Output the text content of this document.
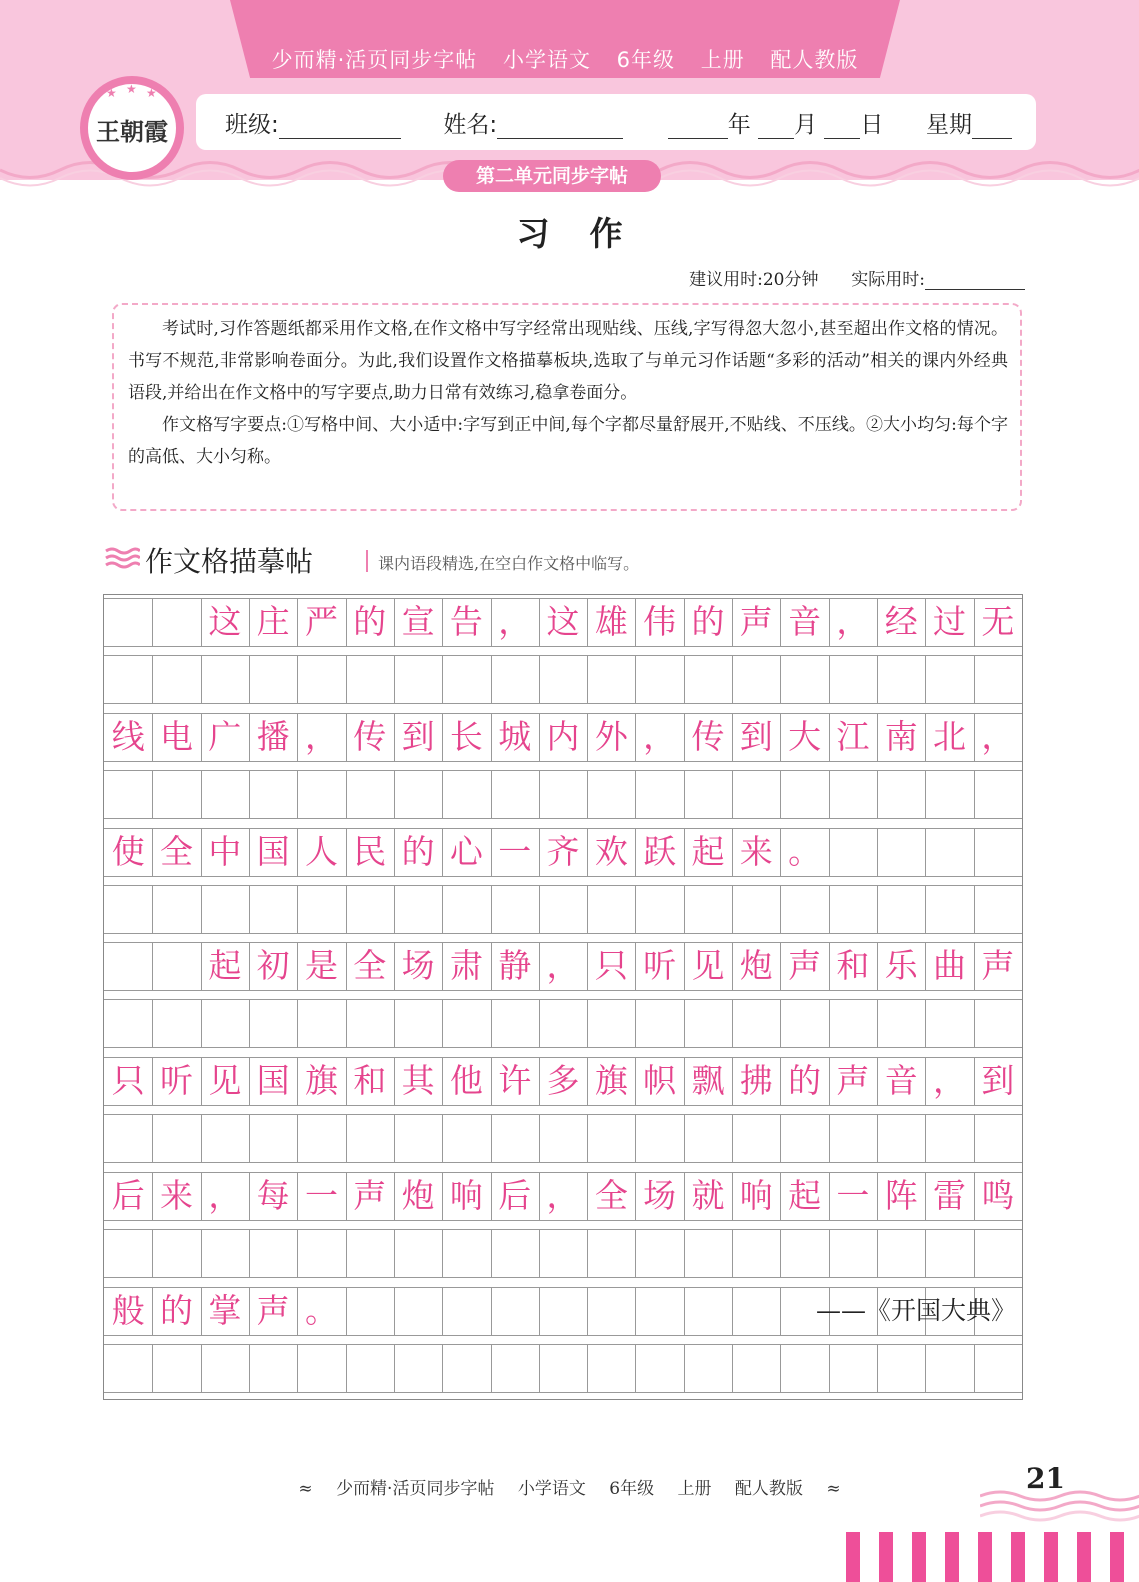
少而精·活页同步字帖 小学语文 6年级 上册 配人教版
★ ★ ★
王朝霞	班级:	姓名:	年 月 日 星期
第二单元同步字帖
习作
建议用时:20分钟 实际用时:

考试时,习作答题纸都采用作文格,在作文格中写字经常出现贴线、压线,字写得忽大忽小,甚至超出作文格的情况。书写不规范,非常影响卷面分。为此,我们设置作文格描摹板块,选取了与单元习作话题“多彩的活动”相关的课内外经典语段,并给出在作文格中的写字要点,助力日常有效练习,稳拿卷面分。

作文格写字要点:①写格中间、大小适中:字写到正中间,每个字都尽量舒展开,不贴线、不压线。②大小均匀:每个字的高低、大小匀称。

作文格描摹帖	课内语段精选,在空白作文格中临写。
这 庄 严 的 宣 告 ， 这 雄 伟 的 声 音 ， 经 过 无
线 电 广 播 ， 传 到 长 城 内 外 ， 传 到 大 江 南 北 ，
使 全 中 国 人 民 的 心 一 齐 欢 跃 起 来 。
起 初 是 全 场 肃 静 ， 只 听 见 炮 声 和 乐 曲 声
只 听 见 国 旗 和 其 他 许 多 旗 帜 飘 拂 的 声 音 ， 到
后 来 ， 每 一 声 炮 响 后 ， 全 场 就 响 起 一 阵 雷 鸣
般 的 掌 声 。	——《开国大典》
≈ 少而精·活页同步字帖 小学语文 6年级 上册 配人教版 ≈	21
